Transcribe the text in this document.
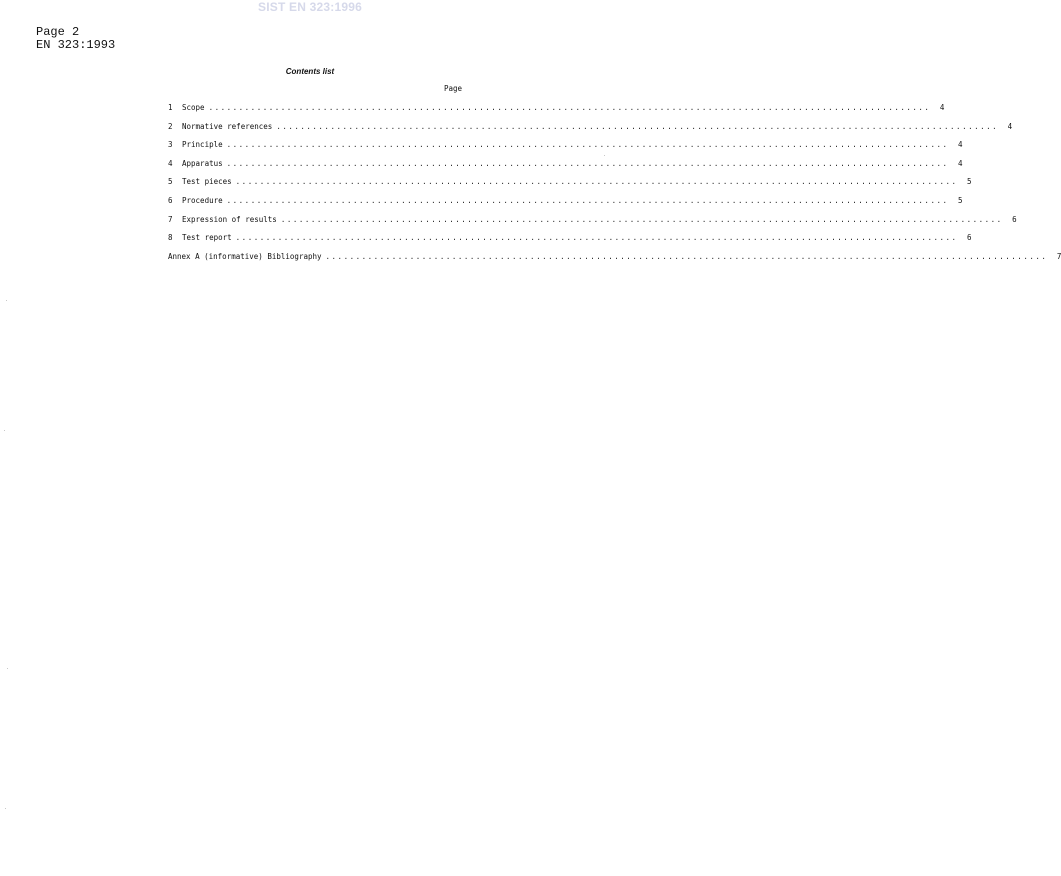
SIST EN 323:1996
Page 2
EN 323:1993
Contents list
Page
1	Scope ........................................................................................................................	4
2	Normative references ........................................................................................................................	4
3	Principle ........................................................................................................................	4
4	Apparatus ........................................................................................................................	4
5	Test pieces ........................................................................................................................	5
6	Procedure ........................................................................................................................	5
7	Expression of results ........................................................................................................................	6
8	Test report ........................................................................................................................	6
Annex A (informative) Bibliography ........................................................................................................................	7
